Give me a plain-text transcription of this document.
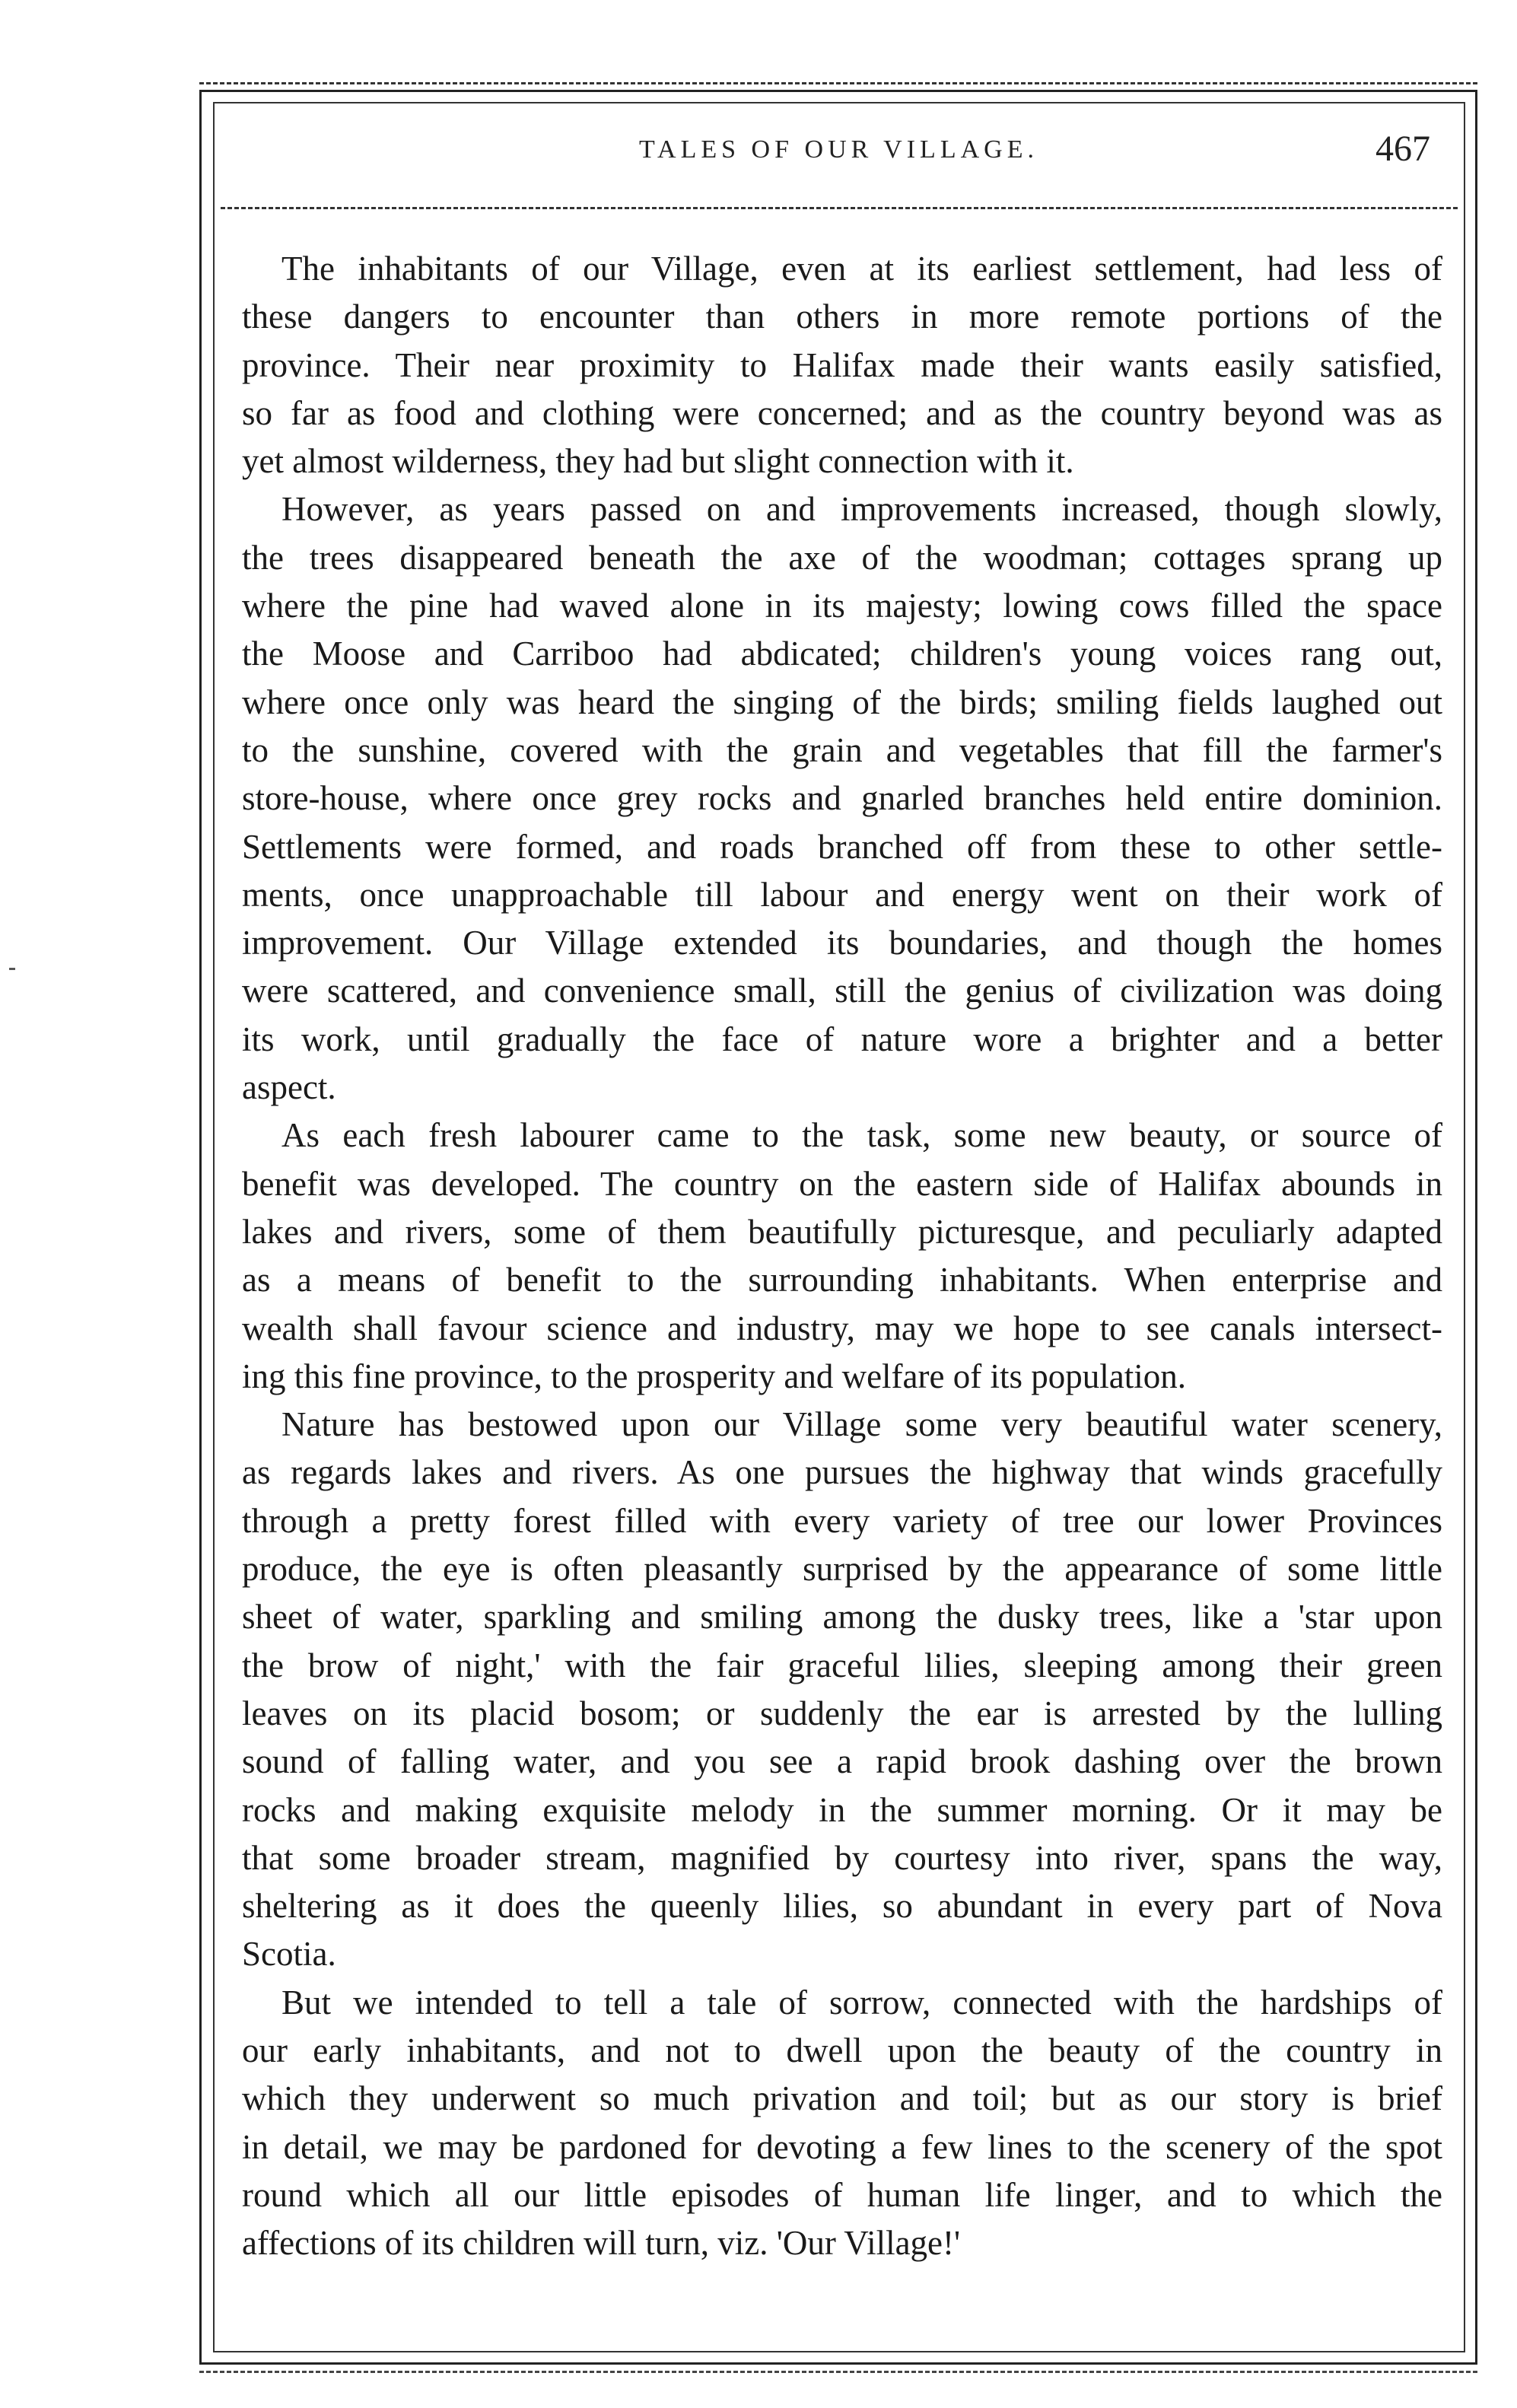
TALES OF OUR VILLAGE.	467
The inhabitants of our Village, even at its earliest settlement, had less of
these dangers to encounter than others in more remote portions of the
province. Their near proximity to Halifax made their wants easily satisfied,
so far as food and clothing were concerned; and as the country beyond was as
yet almost wilderness, they had but slight connection with it.
However, as years passed on and improvements increased, though slowly,
the trees disappeared beneath the axe of the woodman; cottages sprang up
where the pine had waved alone in its majesty; lowing cows filled the space
the Moose and Carriboo had abdicated; children's young voices rang out,
where once only was heard the singing of the birds; smiling fields laughed out
to the sunshine, covered with the grain and vegetables that fill the farmer's
store-house, where once grey rocks and gnarled branches held entire dominion.
Settlements were formed, and roads branched off from these to other settle-
ments, once unapproachable till labour and energy went on their work of
improvement. Our Village extended its boundaries, and though the homes
were scattered, and convenience small, still the genius of civilization was doing
its work, until gradually the face of nature wore a brighter and a better
aspect.
As each fresh labourer came to the task, some new beauty, or source of
benefit was developed. The country on the eastern side of Halifax abounds in
lakes and rivers, some of them beautifully picturesque, and peculiarly adapted
as a means of benefit to the surrounding inhabitants. When enterprise and
wealth shall favour science and industry, may we hope to see canals intersect-
ing this fine province, to the prosperity and welfare of its population.
Nature has bestowed upon our Village some very beautiful water scenery,
as regards lakes and rivers. As one pursues the highway that winds gracefully
through a pretty forest filled with every variety of tree our lower Provinces
produce, the eye is often pleasantly surprised by the appearance of some little
sheet of water, sparkling and smiling among the dusky trees, like a 'star upon
the brow of night,' with the fair graceful lilies, sleeping among their green
leaves on its placid bosom; or suddenly the ear is arrested by the lulling
sound of falling water, and you see a rapid brook dashing over the brown
rocks and making exquisite melody in the summer morning. Or it may be
that some broader stream, magnified by courtesy into river, spans the way,
sheltering as it does the queenly lilies, so abundant in every part of Nova
Scotia.
But we intended to tell a tale of sorrow, connected with the hardships of
our early inhabitants, and not to dwell upon the beauty of the country in
which they underwent so much privation and toil; but as our story is brief
in detail, we may be pardoned for devoting a few lines to the scenery of the spot
round which all our little episodes of human life linger, and to which the
affections of its children will turn, viz. 'Our Village!'
